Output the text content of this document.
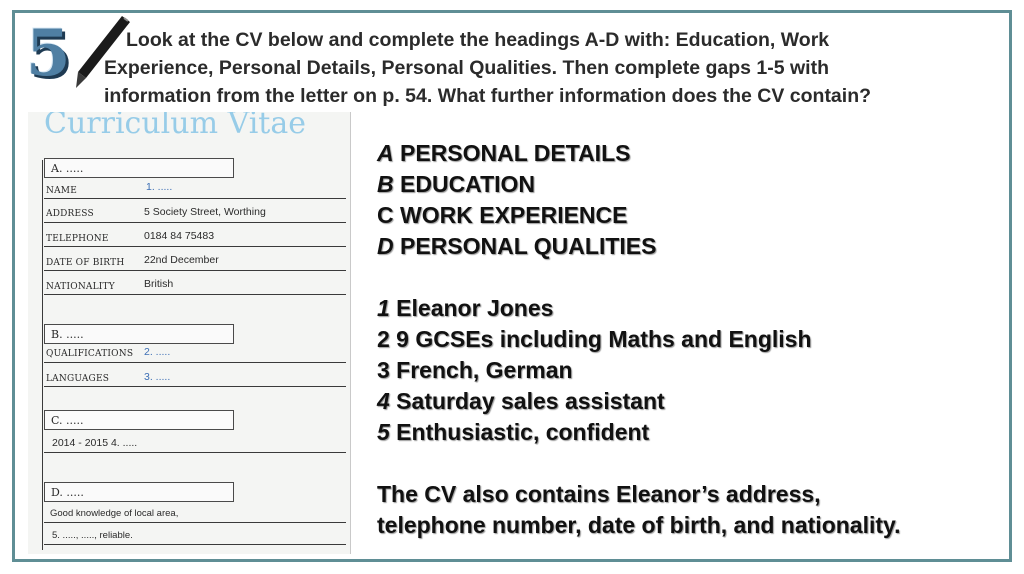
5	Look at the CV below and complete the headings A-D with: Education, Work
Experience, Personal Details, Personal Qualities. Then complete gaps 1-5 with
information from the letter on p. 54. What further information does the CV contain?
Curriculum Vitae
A. .....
NAME	1. .....
ADDRESS	5 Society Street, Worthing
TELEPHONE	0184 84 75483
DATE OF BIRTH 22nd December
NATIONALITY	British
B. .....
QUALIFICATIONS 2. .....
LANGUAGES	3. .....
C. .....
2014 - 2015 4. .....
D. .....
Good knowledge of local area,
5. ....., ....., reliable.
A PERSONAL DETAILS
B EDUCATION
C WORK EXPERIENCE
D PERSONAL QUALITIES
1 Eleanor Jones
2 9 GCSEs including Maths and English
3 French, German
4 Saturday sales assistant
5 Enthusiastic, confident
The CV also contains Eleanor’s address,
telephone number, date of birth, and nationality.
